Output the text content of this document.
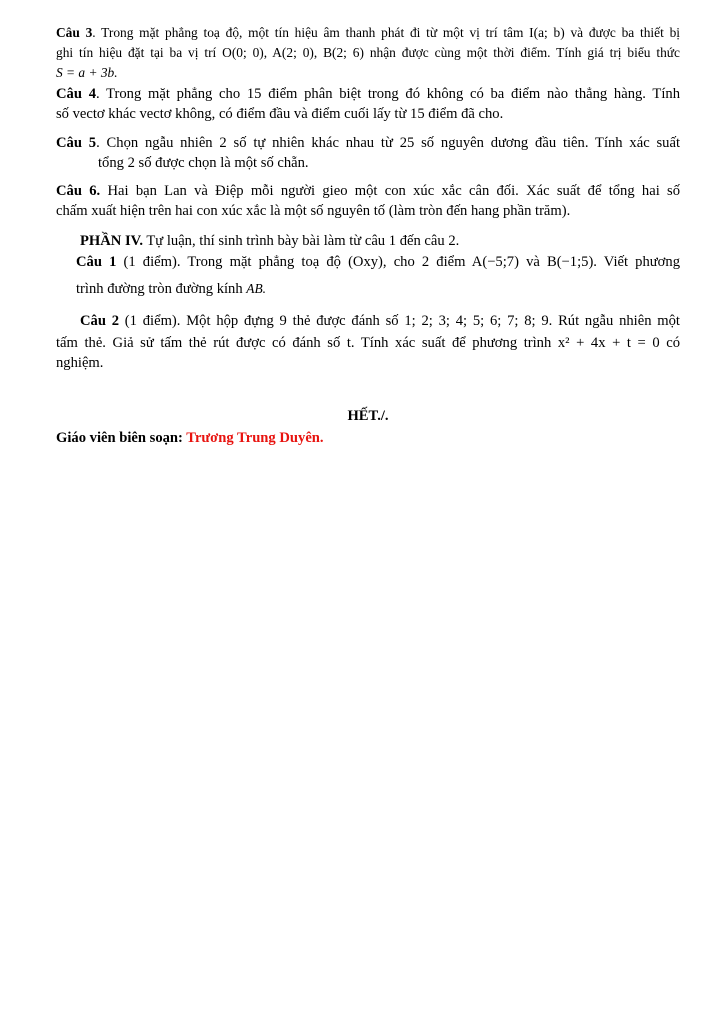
Câu 3. Trong mặt phẳng toạ độ, một tín hiệu âm thanh phát đi từ một vị trí tâm I(a; b) và được ba thiết bị
ghi tín hiệu đặt tại ba vị trí O(0; 0), A(2; 0), B(2; 6) nhận được cùng một thời điểm. Tính giá trị biểu thức
S = a + 3b.
Câu 4. Trong mặt phẳng cho 15 điểm phân biệt trong đó không có ba điểm nào thẳng hàng. Tính
số vectơ khác vectơ không, có điểm đầu và điểm cuối lấy từ 15 điểm đã cho.
Câu 5. Chọn ngẫu nhiên 2 số tự nhiên khác nhau từ 25 số nguyên dương đầu tiên. Tính xác suất
tổng 2 số được chọn là một số chẵn.
Câu 6. Hai bạn Lan và Điệp mỗi người gieo một con xúc xắc cân đối. Xác suất để tổng hai số
chấm xuất hiện trên hai con xúc xắc là một số nguyên tố (làm tròn đến hang phần trăm).
PHẦN IV. Tự luận, thí sinh trình bày bài làm từ câu 1 đến câu 2.
Câu 1 (1 điểm). Trong mặt phẳng toạ độ (Oxy), cho 2 điểm A(−5;7) và B(−1;5). Viết phương
trình đường tròn đường kính AB.
Câu 2 (1 điểm). Một hộp đựng 9 thẻ được đánh số 1; 2; 3; 4; 5; 6; 7; 8; 9. Rút ngẫu nhiên một
tấm thẻ. Giả sử tấm thẻ rút được có đánh số t. Tính xác suất để phương trình x² + 4x + t = 0 có
nghiệm.
HẾT./.
Giáo viên biên soạn: Trương Trung Duyên.
